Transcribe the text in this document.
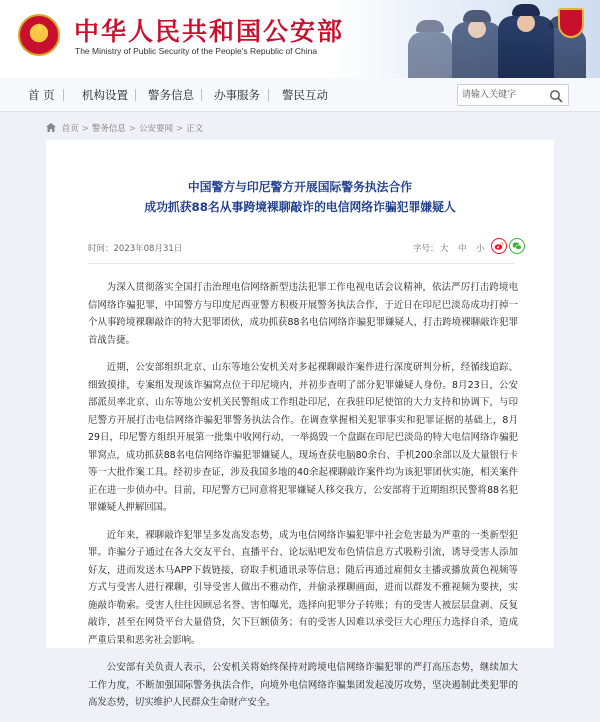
★	中华人民共和国公安部
The Ministry of Public Security of the People's Republic of China
首 页 机构设置 警务信息 办事服务 警民互动
请输入关键字
首页 > 警务信息 > 公安要闻 > 正文
中国警方与印尼警方开展国际警务执法合作
成功抓获88名从事跨境裸聊敲诈的电信网络诈骗犯罪嫌疑人
时间：2023年08月31日	字号： 大 中 小

为深入贯彻落实全国打击治理电信网络新型违法犯罪工作电视电话会议精神，依法严厉打击跨境电信网络诈骗犯罪，中国警方与印度尼西亚警方积极开展警务执法合作，于近日在印尼巴淡岛成功打掉一个从事跨境裸聊敲诈的特大犯罪团伙，成功抓获88名电信网络诈骗犯罪嫌疑人，打击跨境裸聊敲诈犯罪首战告捷。

近期，公安部组织北京、山东等地公安机关对多起裸聊敲诈案件进行深度研判分析，经循线追踪、细致摸排，专案组发现该诈骗窝点位于印尼境内，并初步查明了部分犯罪嫌疑人身份。8月23日，公安部派员率北京、山东等地公安机关民警组成工作组赴印尼，在我驻印尼使馆的大力支持和协调下，与印尼警方开展打击电信网络诈骗犯罪警务执法合作。在调查掌握相关犯罪事实和犯罪证据的基础上，8月29日，印尼警方组织开展第一批集中收网行动，一举捣毁一个盘踞在印尼巴淡岛的特大电信网络诈骗犯罪窝点，成功抓获88名电信网络诈骗犯罪嫌疑人，现场查获电脑80余台、手机200余部以及大量银行卡等一大批作案工具。经初步查证，涉及我国多地的40余起裸聊敲诈案件均为该犯罪团伙实施，相关案件正在进一步侦办中。目前，印尼警方已同意将犯罪嫌疑人移交我方，公安部将于近期组织民警将88名犯罪嫌疑人押解回国。

近年来，裸聊敲诈犯罪呈多发高发态势，成为电信网络诈骗犯罪中社会危害最为严重的一类新型犯罪。诈骗分子通过在各大交友平台、直播平台、论坛贴吧发布色情信息方式吸粉引流，诱导受害人添加好友，进而发送木马APP下载链接，窃取手机通讯录等信息；随后再通过雇佣女主播或播放黄色视频等方式与受害人进行裸聊，引导受害人做出不雅动作，并偷录裸聊画面，进而以群发不雅视频为要挟，实施敲诈勒索。受害人往往因顾忌名誉、害怕曝光，选择向犯罪分子转账；有的受害人被层层盘剥、反复敲诈，甚至在网贷平台大量借贷，欠下巨额债务；有的受害人因难以承受巨大心理压力选择自杀，造成严重后果和恶劣社会影响。

公安部有关负责人表示，公安机关将始终保持对跨境电信网络诈骗犯罪的严打高压态势，继续加大工作力度，不断加强国际警务执法合作，向境外电信网络诈骗集团发起凌厉攻势，坚决遏制此类犯罪的高发态势，切实维护人民群众生命财产安全。
